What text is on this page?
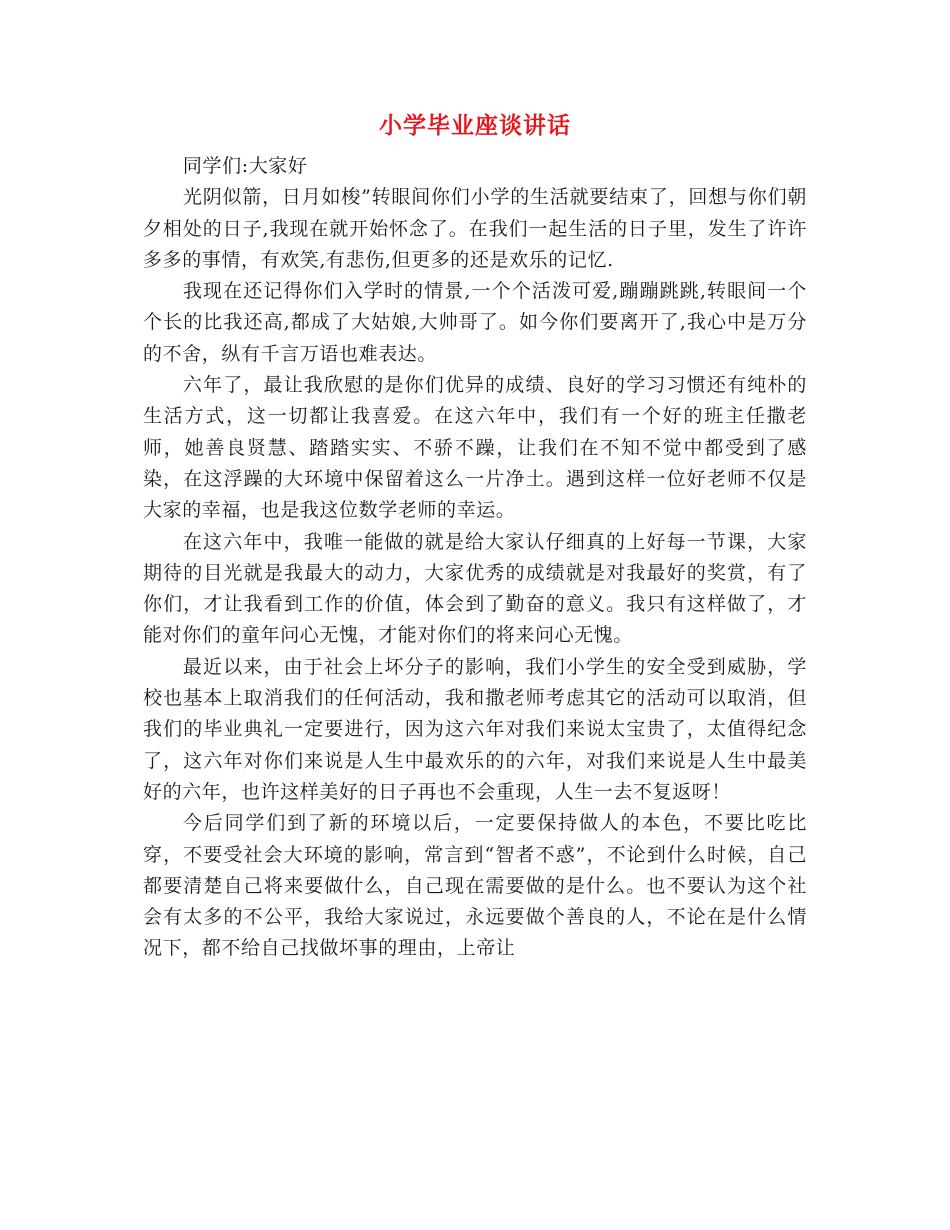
小学毕业座谈讲话

同学们:大家好

光阴似箭，日月如梭”转眼间你们小学的生活就要结束了，回想与你们朝夕相处的日子,我现在就开始怀念了。在我们一起生活的日子里，发生了许许多多的事情，有欢笑,有悲伤,但更多的还是欢乐的记忆.

我现在还记得你们入学时的情景,一个个活泼可爱,蹦蹦跳跳,转眼间一个个长的比我还高,都成了大姑娘,大帅哥了。如今你们要离开了,我心中是万分的不舍，纵有千言万语也难表达。

六年了，最让我欣慰的是你们优异的成绩、良好的学习习惯还有纯朴的生活方式，这一切都让我喜爱。在这六年中，我们有一个好的班主任撒老师，她善良贤慧、踏踏实实、不骄不躁，让我们在不知不觉中都受到了感染，在这浮躁的大环境中保留着这么一片净土。遇到这样一位好老师不仅是大家的幸福，也是我这位数学老师的幸运。

在这六年中，我唯一能做的就是给大家认仔细真的上好每一节课，大家期待的目光就是我最大的动力，大家优秀的成绩就是对我最好的奖赏，有了你们，才让我看到工作的价值，体会到了勤奋的意义。我只有这样做了，才能对你们的童年问心无愧，才能对你们的将来问心无愧。

最近以来，由于社会上坏分子的影响，我们小学生的安全受到威胁，学校也基本上取消我们的任何活动，我和撒老师考虑其它的活动可以取消，但我们的毕业典礼一定要进行，因为这六年对我们来说太宝贵了，太值得纪念了，这六年对你们来说是人生中最欢乐的的六年，对我们来说是人生中最美好的六年，也许这样美好的日子再也不会重现，人生一去不复返呀！

今后同学们到了新的环境以后，一定要保持做人的本色，不要比吃比穿，不要受社会大环境的影响，常言到“智者不惑”，不论到什么时候，自己都要清楚自己将来要做什么，自己现在需要做的是什么。也不要认为这个社会有太多的不公平，我给大家说过，永远要做个善良的人，不论在是什么情况下，都不给自己找做坏事的理由，上帝让
